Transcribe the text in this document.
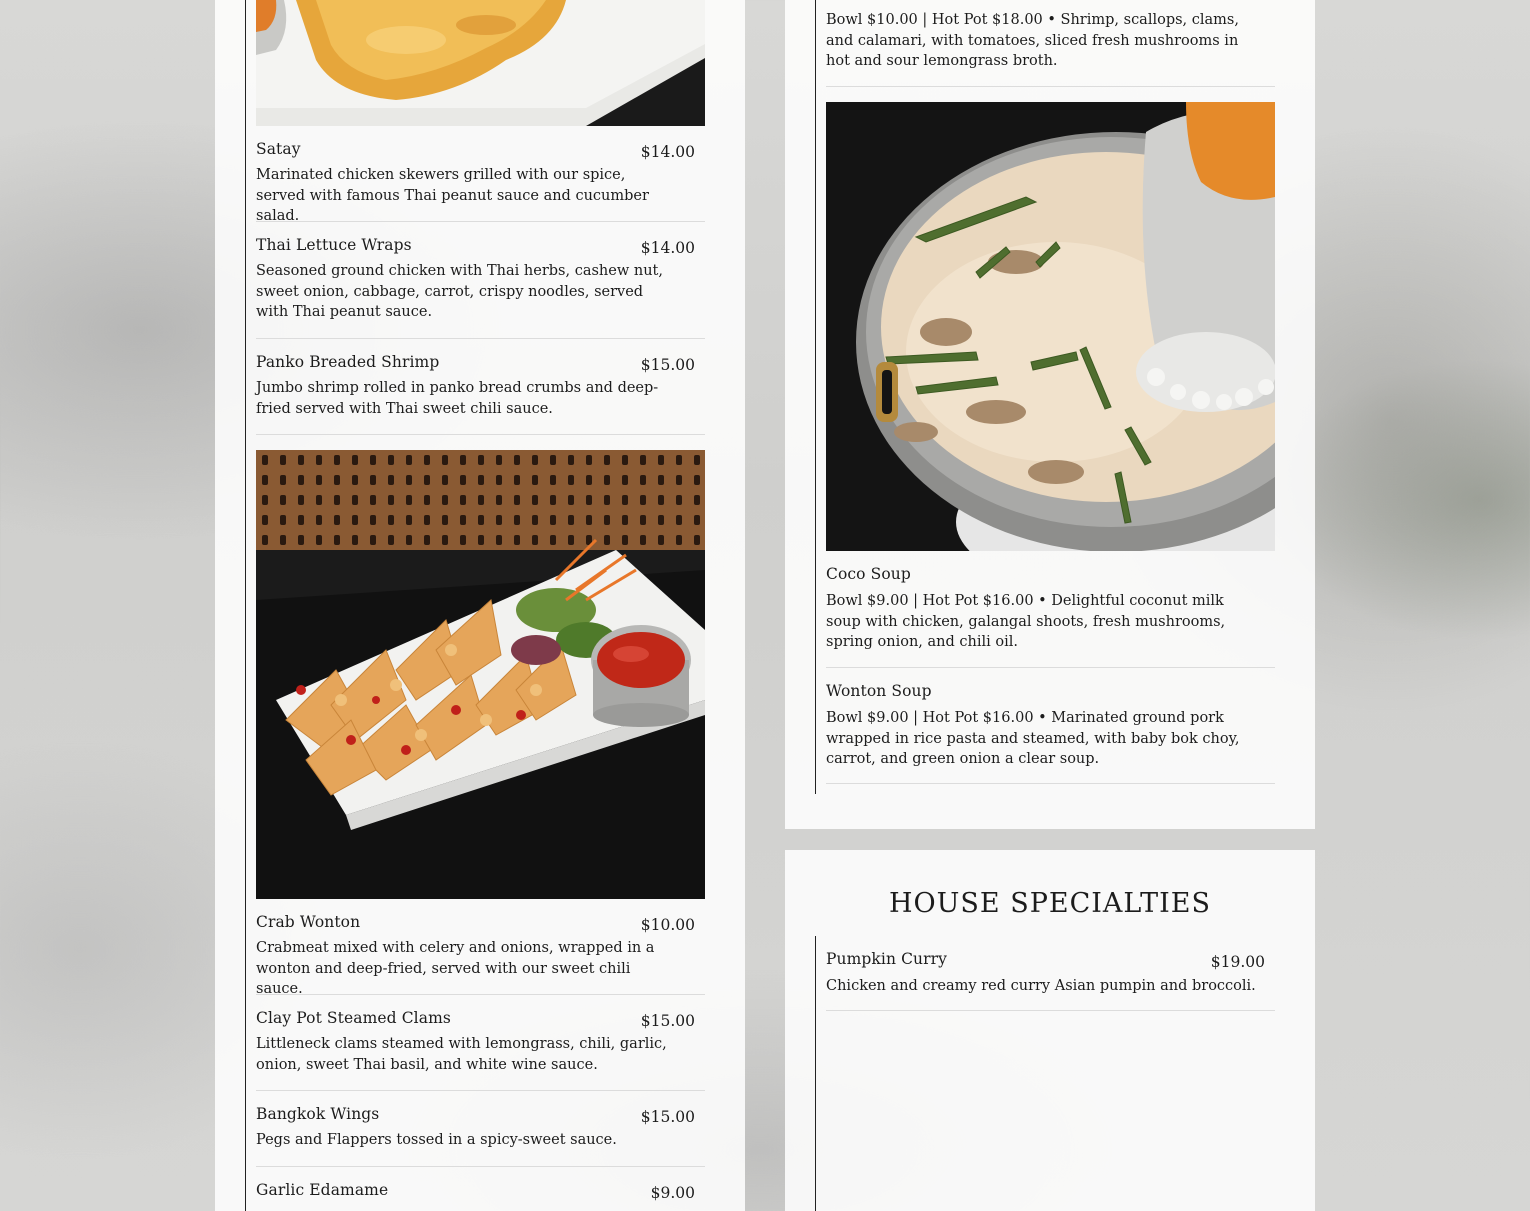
Satay	$14.00
Marinated chicken skewers grilled with our spice, served with famous Thai peanut sauce and cucumber salad.
Thai Lettuce Wraps	$14.00
Seasoned ground chicken with Thai herbs, cashew nut, sweet onion, cabbage, carrot, crispy noodles, served with Thai peanut sauce.
Panko Breaded Shrimp	$15.00
Jumbo shrimp rolled in panko bread crumbs and deep-fried served with Thai sweet chili sauce.
Crab Wonton	$10.00
Crabmeat mixed with celery and onions, wrapped in a wonton and deep-fried, served with our sweet chili sauce.
Clay Pot Steamed Clams	$15.00
Littleneck clams steamed with lemongrass, chili, garlic, onion, sweet Thai basil, and white wine sauce.
Bangkok Wings	$15.00
Pegs and Flappers tossed in a spicy-sweet sauce.
Garlic Edamame	$9.00
Bowl $10.00 | Hot Pot $18.00 • Shrimp, scallops, clams, and calamari, with tomatoes, sliced fresh mushrooms in hot and sour lemongrass broth.
Coco Soup
Bowl $9.00 | Hot Pot $16.00 • Delightful coconut milk soup with chicken, galangal shoots, fresh mushrooms, spring onion, and chili oil.
Wonton Soup
Bowl $9.00 | Hot Pot $16.00 • Marinated ground pork wrapped in rice pasta and steamed, with baby bok choy, carrot, and green onion a clear soup.
HOUSE SPECIALTIES
Pumpkin Curry	$19.00
Chicken and creamy red curry Asian pumpin and broccoli.
